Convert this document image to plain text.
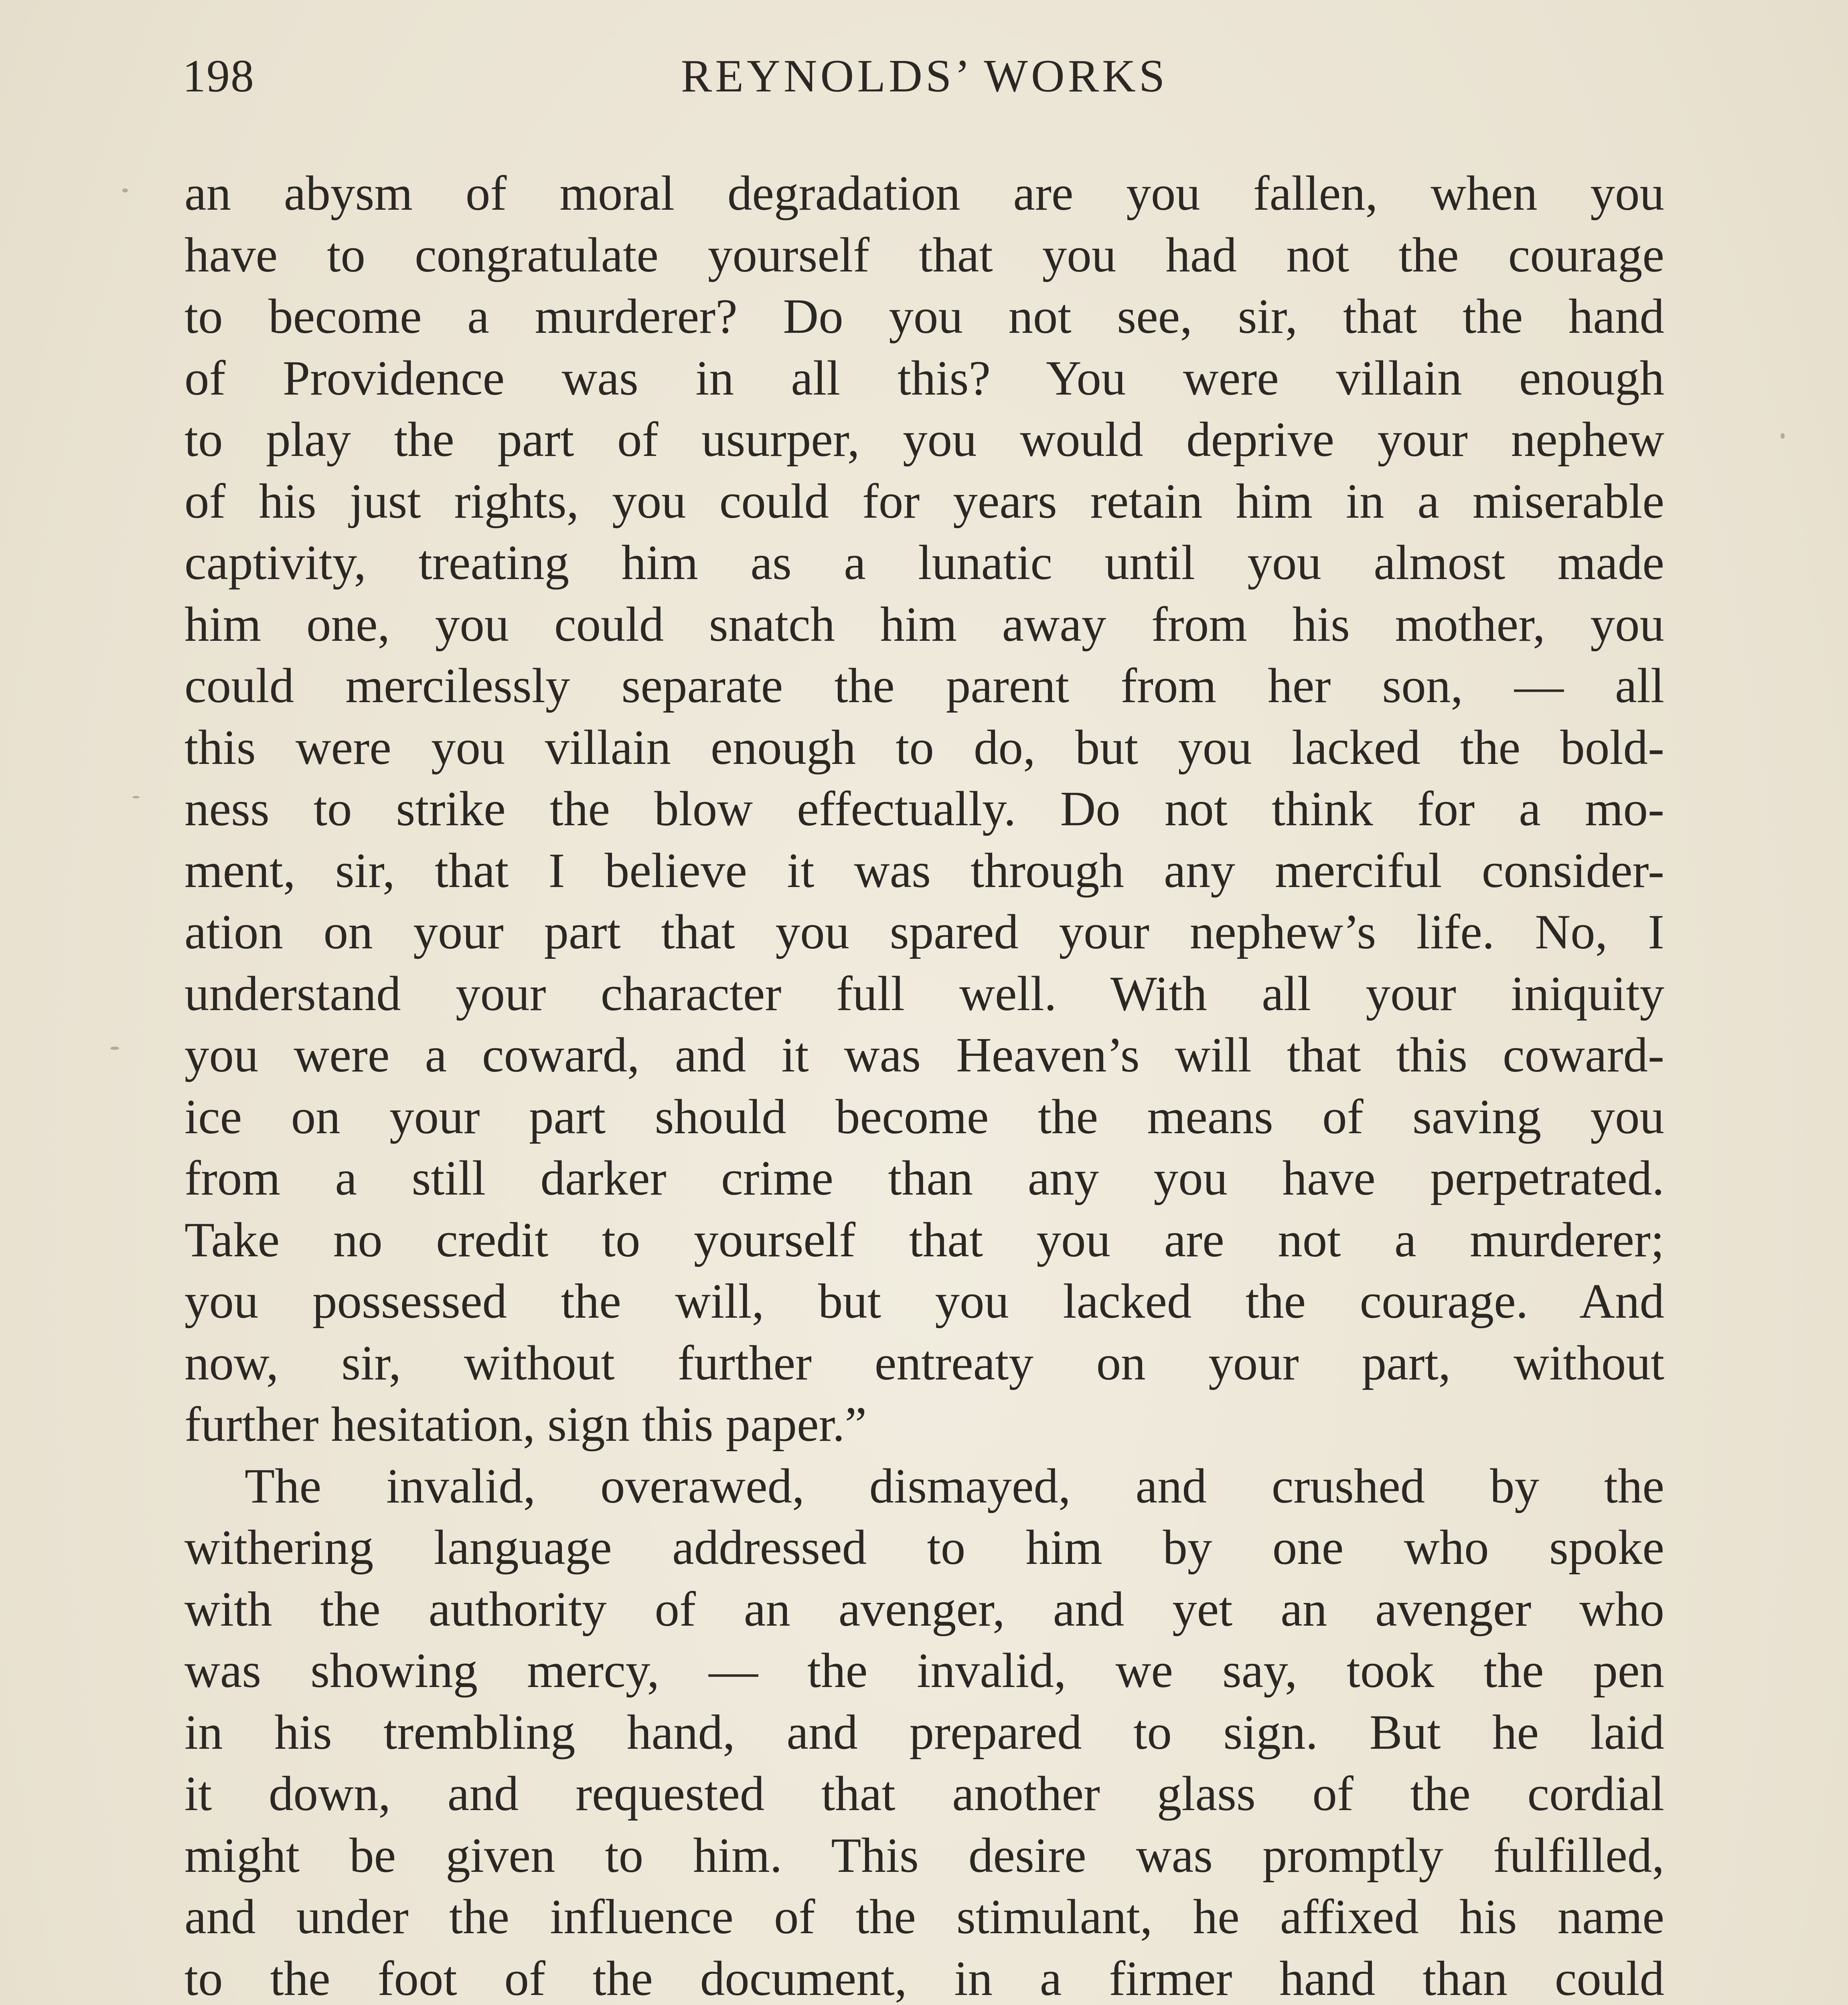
198	REYNOLDS’ WORKS
an abysm of moral degradation are you fallen, when you
have to congratulate yourself that you had not the courage
to become a murderer? Do you not see, sir, that the hand
of Providence was in all this? You were villain enough
to play the part of usurper, you would deprive your nephew
of his just rights, you could for years retain him in a miserable
captivity, treating him as a lunatic until you almost made
him one, you could snatch him away from his mother, you
could mercilessly separate the parent from her son, — all
this were you villain enough to do, but you lacked the bold-
ness to strike the blow effectually. Do not think for a mo-
ment, sir, that I believe it was through any merciful consider-
ation on your part that you spared your nephew’s life. No, I
understand your character full well. With all your iniquity
you were a coward, and it was Heaven’s will that this coward-
ice on your part should become the means of saving you
from a still darker crime than any you have perpetrated.
Take no credit to yourself that you are not a murderer;
you possessed the will, but you lacked the courage. And
now, sir, without further entreaty on your part, without
further hesitation, sign this paper.”
The invalid, overawed, dismayed, and crushed by the
withering language addressed to him by one who spoke
with the authority of an avenger, and yet an avenger who
was showing mercy, — the invalid, we say, took the pen
in his trembling hand, and prepared to sign. But he laid
it down, and requested that another glass of the cordial
might be given to him. This desire was promptly fulfilled,
and under the influence of the stimulant, he affixed his name
to the foot of the document, in a firmer hand than could
